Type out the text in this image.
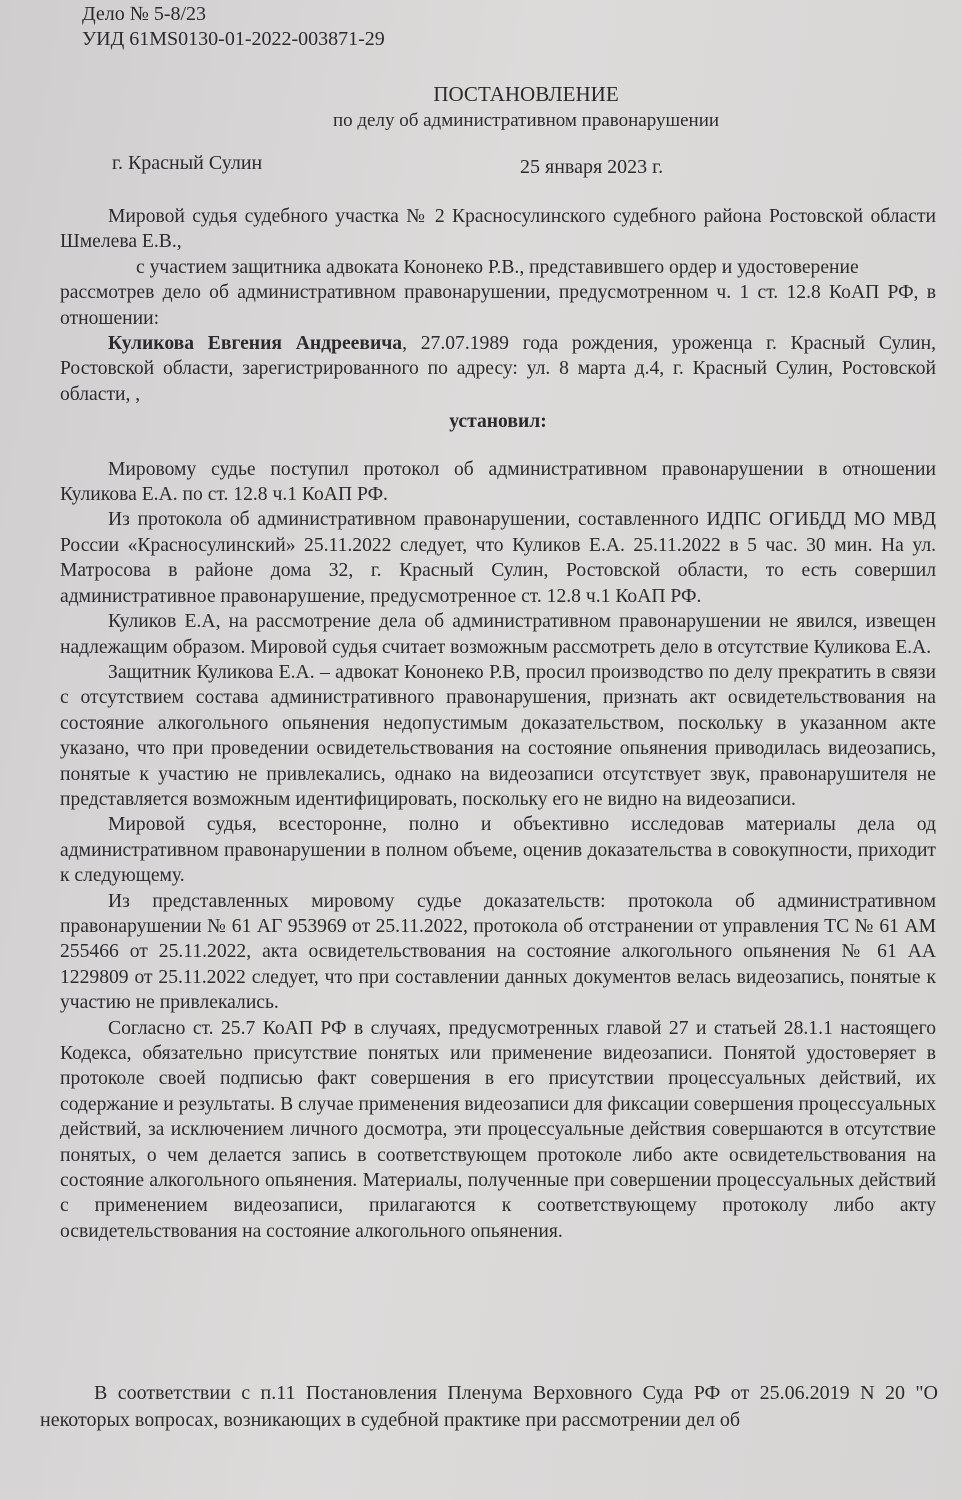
Дело № 5-8/23
УИД 61MS0130-01-2022-003871-29
ПОСТАНОВЛЕНИЕ
по делу об административном правонарушении
г. Красный Сулин	25 января 2023 г.

Мировой судья судебного участка № 2 Красносулинского судебного района Ростовской области Шмелева Е.В.,

с участием защитника адвоката Кононеко Р.В., представившего ордер и удостоверение

рассмотрев дело об административном правонарушении, предусмотренном ч. 1 ст. 12.8 КоАП РФ, в отношении:

Куликова Евгения Андреевича, 27.07.1989 года рождения, уроженца г. Красный Сулин, Ростовской области, зарегистрированного по адресу: ул. 8 марта д.4, г. Красный Сулин, Ростовской области, ,

установил:

Мировому судье поступил протокол об административном правонарушении в отношении Куликова Е.А. по ст. 12.8 ч.1 КоАП РФ.

Из протокола об административном правонарушении, составленного ИДПС ОГИБДД МО МВД России «Красносулинский» 25.11.2022 следует, что Куликов Е.А. 25.11.2022 в 5 час. 30 мин. На ул. Матросова в районе дома 32, г. Красный Сулин, Ростовской области, то есть совершил административное правонарушение, предусмотренное ст. 12.8 ч.1 КоАП РФ.

Куликов Е.А, на рассмотрение дела об административном правонарушении не явился, извещен надлежащим образом. Мировой судья считает возможным рассмотреть дело в отсутствие Куликова Е.А.

Защитник Куликова Е.А. – адвокат Кононеко Р.В, просил производство по делу прекратить в связи с отсутствием состава административного правонарушения, признать акт освидетельствования на состояние алкогольного опьянения недопустимым доказательством, поскольку в указанном акте указано, что при проведении освидетельствования на состояние опьянения приводилась видеозапись, понятые к участию не привлекались, однако на видеозаписи отсутствует звук, правонарушителя не представляется возможным идентифицировать, поскольку его не видно на видеозаписи.

Мировой судья, всесторонне, полно и объективно исследовав материалы дела од административном правонарушении в полном объеме, оценив доказательства в совокупности, приходит к следующему.

Из представленных мировому судье доказательств: протокола об административном правонарушении № 61 АГ 953969 от 25.11.2022, протокола об отстранении от управления ТС № 61 АМ 255466 от 25.11.2022, акта освидетельствования на состояние алкогольного опьянения № 61 АА 1229809 от 25.11.2022 следует, что при составлении данных документов велась видеозапись, понятые к участию не привлекались.

Согласно ст. 25.7 КоАП РФ в случаях, предусмотренных главой 27 и статьей 28.1.1 настоящего Кодекса, обязательно присутствие понятых или применение видеозаписи. Понятой удостоверяет в протоколе своей подписью факт совершения в его присутствии процессуальных действий, их содержание и результаты. В случае применения видеозаписи для фиксации совершения процессуальных действий, за исключением личного досмотра, эти процессуальные действия совершаются в отсутствие понятых, о чем делается запись в соответствующем протоколе либо акте освидетельствования на состояние алкогольного опьянения. Материалы, полученные при совершении процессуальных действий с применением видеозаписи, прилагаются к соответствующему протоколу либо акту освидетельствования на состояние алкогольного опьянения.

В соответствии с п.11 Постановления Пленума Верховного Суда РФ от 25.06.2019 N 20 "О некоторых вопросах, возникающих в судебной практике при рассмотрении дел об
